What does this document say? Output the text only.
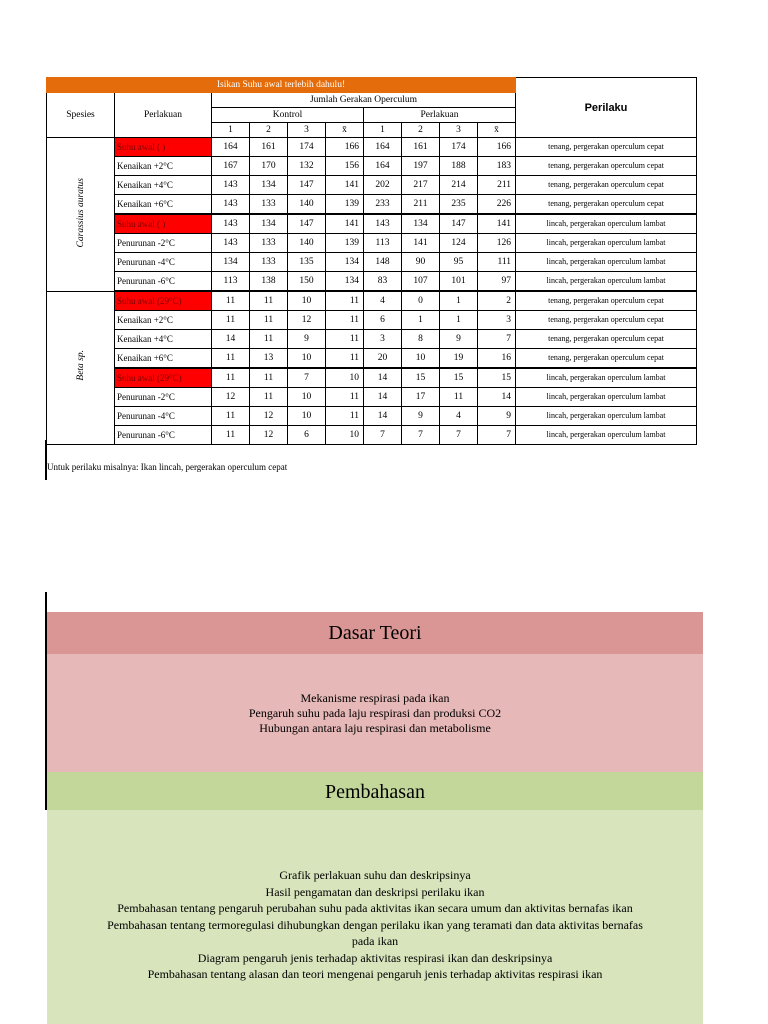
Isikan Suhu awal terlebih dahulu!										Perilaku
Spesies	Perlakuan	Jumlah Gerakan Operculum								
		Kontrol				Perlakuan				
		1	2	3	x̄	1	2	3	x̄	
Carassius auratus	Suhu awal ( )	164	161	174	166	164	161	174	166	tenang, pergerakan operculum cepat
	Kenaikan +2°C	167	170	132	156	164	197	188	183	tenang, pergerakan operculum cepat
	Kenaikan +4°C	143	134	147	141	202	217	214	211	tenang, pergerakan operculum cepat
	Kenaikan +6°C	143	133	140	139	233	211	235	226	tenang, pergerakan operculum cepat
	Suhu awal ( )	143	134	147	141	143	134	147	141	lincah, pergerakan operculum lambat
	Penurunan -2°C	143	133	140	139	113	141	124	126	lincah, pergerakan operculum lambat
	Penurunan -4°C	134	133	135	134	148	90	95	111	lincah, pergerakan operculum lambat
	Penurunan -6°C	113	138	150	134	83	107	101	97	lincah, pergerakan operculum lambat
Beta sp.	Suhu awal (29°C)	11	11	10	11	4	0	1	2	tenang, pergerakan operculum cepat
	Kenaikan +2°C	11	11	12	11	6	1	1	3	tenang, pergerakan operculum cepat
	Kenaikan +4°C	14	11	9	11	3	8	9	7	tenang, pergerakan operculum cepat
	Kenaikan +6°C	11	13	10	11	20	10	19	16	tenang, pergerakan operculum cepat
	Suhu awal (29°C)	11	11	7	10	14	15	15	15	lincah, pergerakan operculum lambat
	Penurunan -2°C	12	11	10	11	14	17	11	14	lincah, pergerakan operculum lambat
	Penurunan -4°C	11	12	10	11	14	9	4	9	lincah, pergerakan operculum lambat
	Penurunan -6°C	11	12	6	10	7	7	7	7	lincah, pergerakan operculum lambat
Untuk perilaku misalnya: Ikan lincah, pergerakan operculum cepat
Dasar Teori
Mekanisme respirasi pada ikan
Pengaruh suhu pada laju respirasi dan produksi CO2
Hubungan antara laju respirasi dan metabolisme
Pembahasan
Grafik perlakuan suhu dan deskripsinya
Hasil pengamatan dan deskripsi perilaku ikan
Pembahasan tentang pengaruh perubahan suhu pada aktivitas ikan secara umum dan aktivitas bernafas ikan
Pembahasan tentang termoregulasi dihubungkan dengan perilaku ikan yang teramati dan data aktivitas bernafas
pada ikan
Diagram pengaruh jenis terhadap aktivitas respirasi ikan dan deskripsinya
Pembahasan tentang alasan dan teori mengenai pengaruh jenis terhadap aktivitas respirasi ikan
